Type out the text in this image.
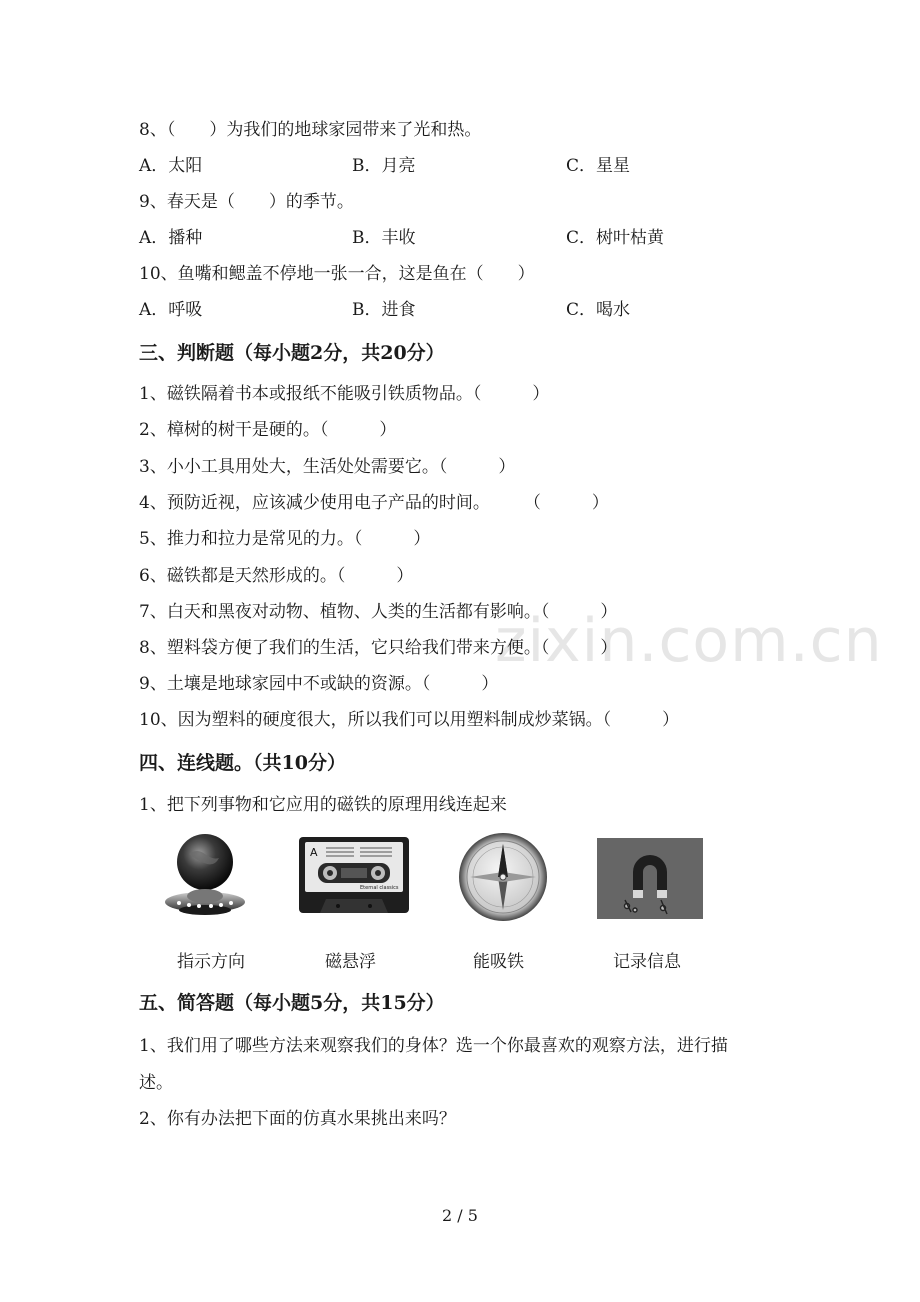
zixin.com.cn
8、（　　）为我们的地球家园带来了光和热。
A．太阳	B．月亮	C．星星
9、春天是（　　）的季节。
A．播种	B．丰收	C．树叶枯黄
10、鱼嘴和鳃盖不停地一张一合，这是鱼在（　　）
A．呼吸	B．进食	C．喝水
三、判断题（每小题2分，共20分）
1、磁铁隔着书本或报纸不能吸引铁质物品。（　　　）
2、樟树的树干是硬的。（　　　）
3、小小工具用处大，生活处处需要它。（　　　）
4、预防近视，应该减少使用电子产品的时间。　　　（　　　）
5、推力和拉力是常见的力。（　　　）
6、磁铁都是天然形成的。（　　　）
7、白天和黑夜对动物、植物、人类的生活都有影响。（　　　）
8、塑料袋方便了我们的生活，它只给我们带来方便。（　　　）
9、土壤是地球家园中不或缺的资源。（　　　）
10、因为塑料的硬度很大，所以我们可以用塑料制成炒菜锅。（　　　）
四、连线题。（共10分）
1、把下列事物和它应用的磁铁的原理用线连起来
A
Eternal classics
指示方向	磁悬浮	能吸铁	记录信息
五、简答题（每小题5分，共15分）
1、我们用了哪些方法来观察我们的身体？选一个你最喜欢的观察方法，进行描
述。
2、你有办法把下面的仿真水果挑出来吗？
2 / 5
